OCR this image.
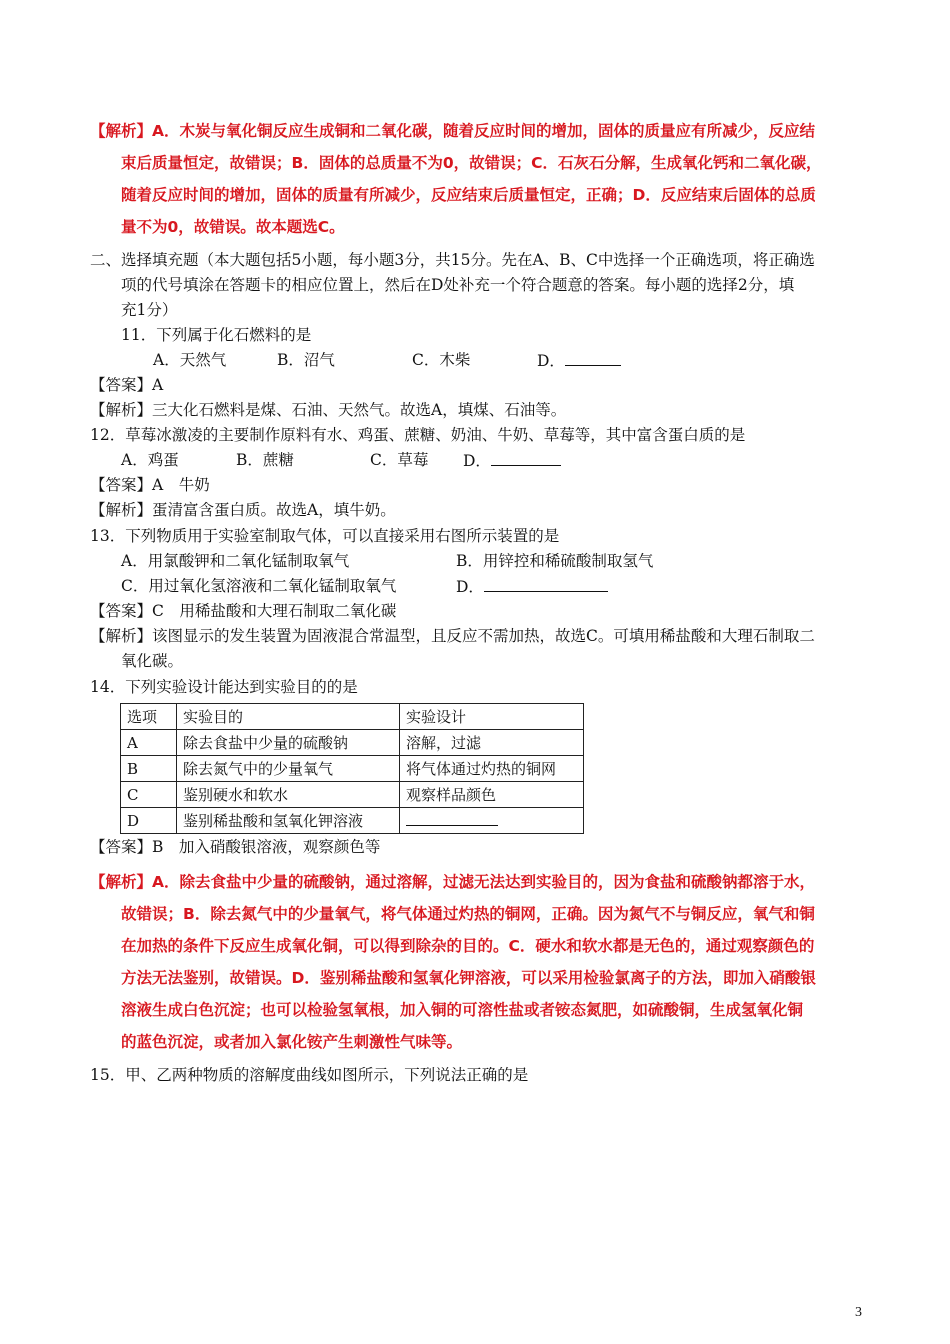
【解析】A．木炭与氧化铜反应生成铜和二氧化碳，随着反应时间的增加，固体的质量应有所减少，反应结
束后质量恒定，故错误；B．固体的总质量不为0，故错误；C．石灰石分解，生成氧化钙和二氧化碳，
随着反应时间的增加，固体的质量有所减少，反应结束后质量恒定，正确；D．反应结束后固体的总质
量不为0，故错误。故本题选C。
二、选择填充题（本大题包括5小题，每小题3分，共15分。先在A、B、C中选择一个正确选项，将正确选
项的代号填涂在答题卡的相应位置上，然后在D处补充一个符合题意的答案。每小题的选择2分，填
充1分）
11．下列属于化石燃料的是
A．天然气	B．沼气	C．木柴	D．
【答案】A
【解析】三大化石燃料是煤、石油、天然气。故选A，填煤、石油等。
12．草莓冰激凌的主要制作原料有水、鸡蛋、蔗糖、奶油、牛奶、草莓等，其中富含蛋白质的是
A．鸡蛋	B．蔗糖	C．草莓 D．
【答案】A　牛奶
【解析】蛋清富含蛋白质。故选A，填牛奶。
13．下列物质用于实验室制取气体，可以直接采用右图所示装置的是
A．用氯酸钾和二氧化锰制取氧气	B．用锌控和稀硫酸制取氢气
C．用过氧化氢溶液和二氧化锰制取氧气	D．
【答案】C　用稀盐酸和大理石制取二氧化碳
【解析】该图显示的发生装置为固液混合常温型，且反应不需加热，故选C。可填用稀盐酸和大理石制取二
氧化碳。
14．下列实验设计能达到实验目的的是
选项	实验目的	实验设计
A	除去食盐中少量的硫酸钠	溶解，过滤
B	除去氮气中的少量氧气	将气体通过灼热的铜网
C	鉴别硬水和软水	观察样品颜色
D	鉴别稀盐酸和氢氧化钾溶液	
【答案】B　加入硝酸银溶液，观察颜色等
【解析】A．除去食盐中少量的硫酸钠，通过溶解，过滤无法达到实验目的，因为食盐和硫酸钠都溶于水，
故错误；B．除去氮气中的少量氧气，将气体通过灼热的铜网，正确。因为氮气不与铜反应，氧气和铜
在加热的条件下反应生成氧化铜，可以得到除杂的目的。C．硬水和软水都是无色的，通过观察颜色的
方法无法鉴别，故错误。D．鉴别稀盐酸和氢氧化钾溶液，可以采用检验氯离子的方法，即加入硝酸银
溶液生成白色沉淀；也可以检验氢氧根，加入铜的可溶性盐或者铵态氮肥，如硫酸铜，生成氢氧化铜
的蓝色沉淀，或者加入氯化铵产生刺激性气味等。
15．甲、乙两种物质的溶解度曲线如图所示，下列说法正确的是
3
